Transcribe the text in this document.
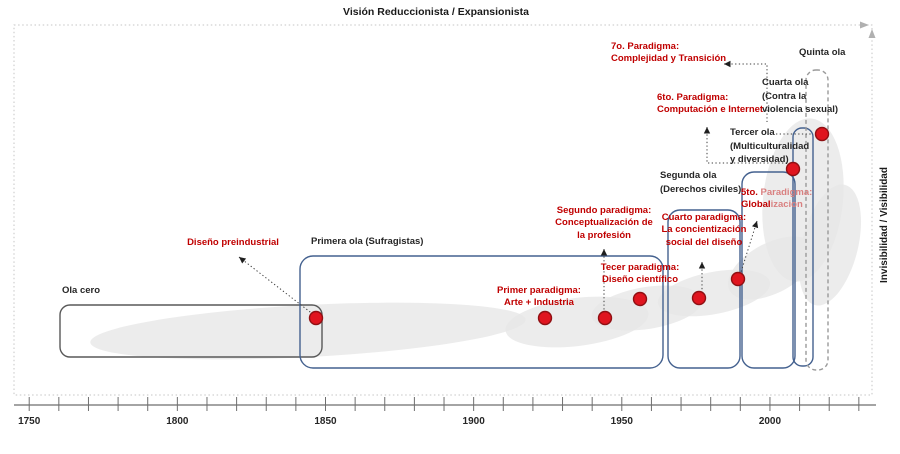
Visión Reduccionista / Expansionista
Invisibilidad / Visibilidad
1750	1800	1850	1900	1950	2000
Ola cero
Primera ola (Sufragistas)
Segunda ola
(Derechos civiles)
Tercer ola
(Multiculturalidad
y diversidad)
Cuarta ola
(Contra la
violencia sexual)
Quinta ola
Diseño preindustrial
Primer paradigma:
Arte + Industria
Segundo paradigma:
Conceptualización de
la profesión
Tecer paradigma:
Diseño científico
Cuarto paradigma:
La concientización
social del diseño
5to. Paradigma:
Globalizacion
6to. Paradigma:
Computación e Internet
7o. Paradigma:
Complejidad y Transición
